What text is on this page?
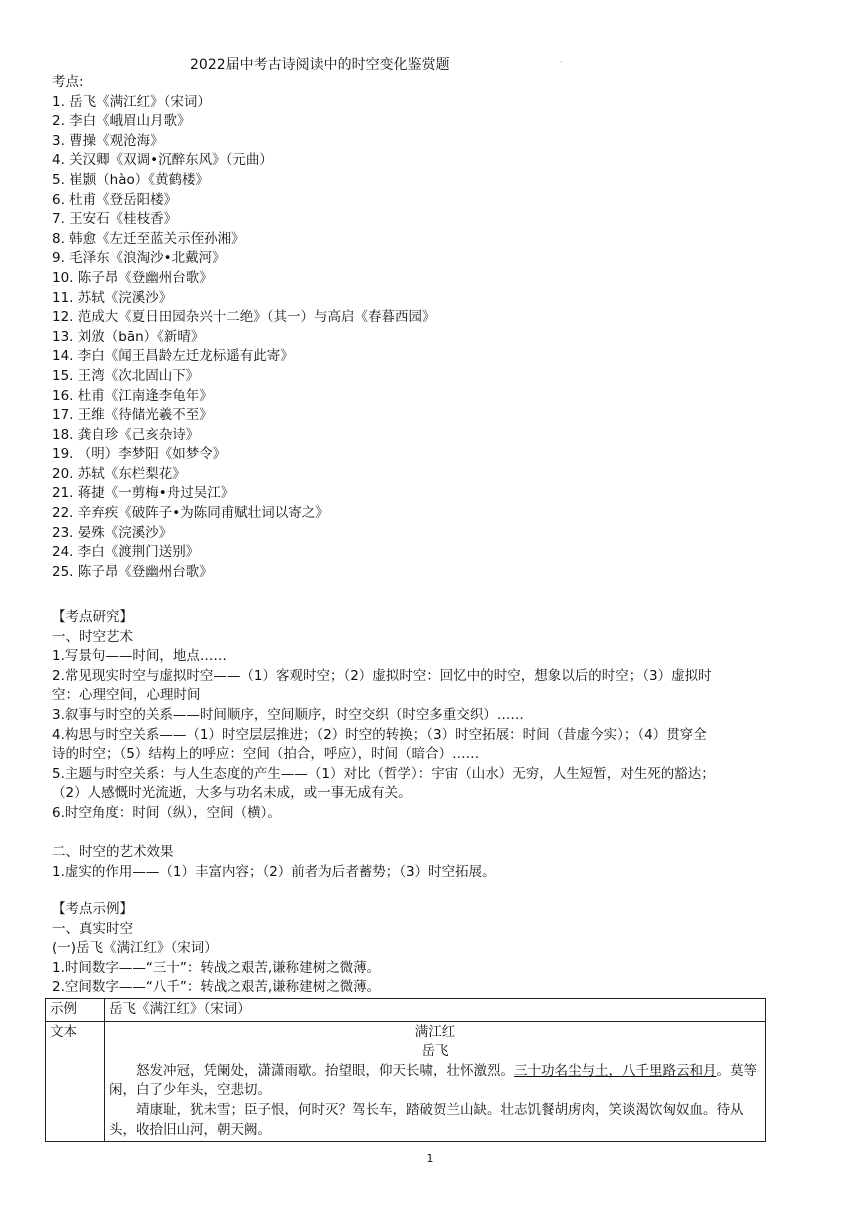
2022届中考古诗阅读中的时空变化鉴赏题	·
考点:
1. 岳飞《满江红》（宋词）
2. 李白《峨眉山月歌》
3. 曹操《观沧海》
4. 关汉卿《双调•沉醉东风》（元曲）
5. 崔颢（hào）《黄鹤楼》
6. 杜甫《登岳阳楼》
7. 王安石《桂枝香》
8. 韩愈《左迁至蓝关示侄孙湘》
9. 毛泽东《浪淘沙•北戴河》
10. 陈子昂《登幽州台歌》
11. 苏轼《浣溪沙》
12. 范成大《夏日田园杂兴十二绝》（其一）与高启《春暮西园》
13. 刘攽（bān）《新晴》
14. 李白《闻王昌龄左迁龙标遥有此寄》
15. 王湾《次北固山下》
16. 杜甫《江南逢李龟年》
17. 王维《待储光羲不至》
18. 龚自珍《己亥杂诗》
19. （明）李梦阳《如梦令》
20. 苏轼《东栏梨花》
21. 蒋捷《一剪梅•舟过吴江》
22. 辛弃疾《破阵子•为陈同甫赋壮词以寄之》
23. 晏殊《浣溪沙》
24. 李白《渡荆门送别》
25. 陈子昂《登幽州台歌》
【考点研究】
一、时空艺术
1.写景句——时间，地点……
2.常见现实时空与虚拟时空——（1）客观时空；（2）虚拟时空：回忆中的时空，想象以后的时空；（3）虚拟时
空：心理空间，心理时间
3.叙事与时空的关系——时间顺序，空间顺序，时空交织（时空多重交织）……
4.构思与时空关系——（1）时空层层推进；（2）时空的转换；（3）时空拓展：时间（昔虚今实）；（4）贯穿全
诗的时空；（5）结构上的呼应：空间（拍合，呼应），时间（暗合）……
5.主题与时空关系：与人生态度的产生——（1）对比（哲学）：宇宙（山水）无穷，人生短暂，对生死的豁达；
（2）人感慨时光流逝，大多与功名未成，或一事无成有关。
6.时空角度：时间（纵），空间（横）。
二、时空的艺术效果
1.虚实的作用——（1）丰富内容；（2）前者为后者蓄势；（3）时空拓展。
【考点示例】
一、真实时空
(一)岳飞《满江红》（宋词）
1.时间数字——“三十”：转战之艰苦,谦称建树之微薄。
2.空间数字——“八千”：转战之艰苦,谦称建树之微薄。
示例	岳飞《满江红》（宋词）
文本	满江红
岳飞
怒发冲冠，凭阑处，潇潇雨歇。抬望眼，仰天长啸，壮怀激烈。三十功名尘与土，八千里路云和月。莫等闲，白了少年头，空悲切。
靖康耻，犹未雪；臣子恨，何时灭？驾长车，踏破贺兰山缺。壮志饥餐胡虏肉，笑谈渴饮匈奴血。待从头，收拾旧山河，朝天阙。
1
